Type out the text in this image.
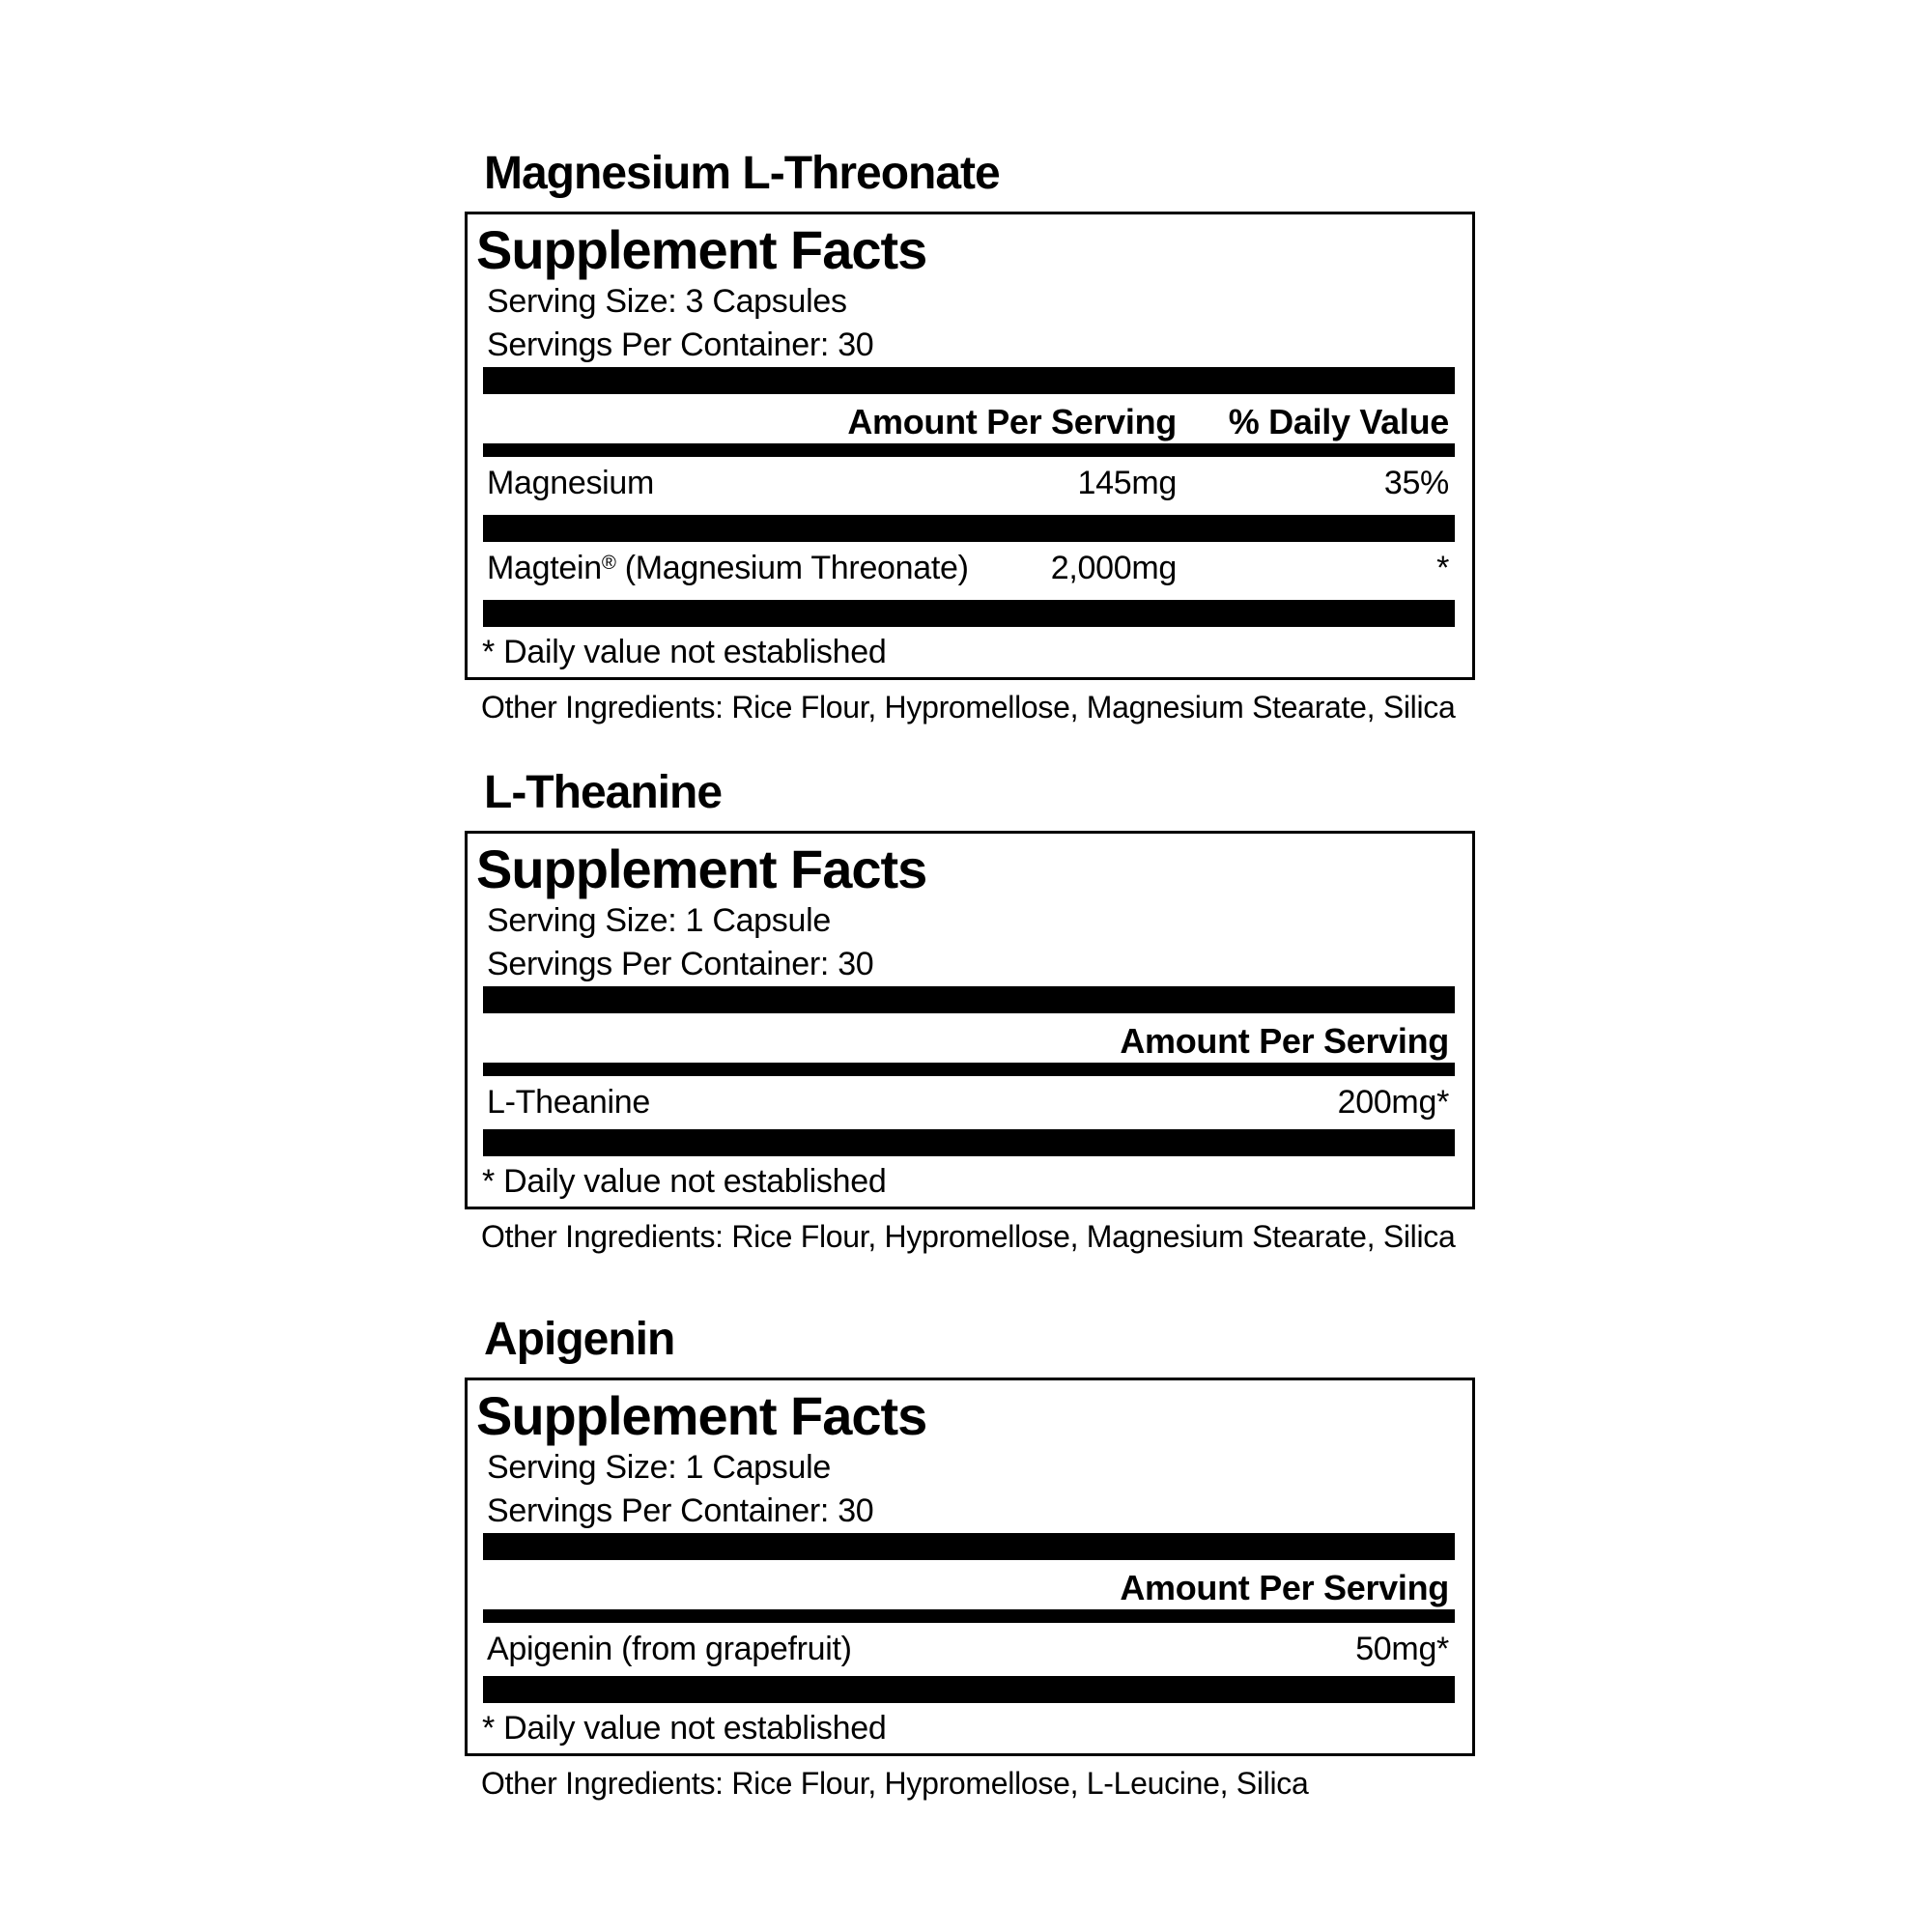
Magnesium L-Threonate
Supplement Facts
Serving Size: 3 Capsules
Servings Per Container: 30
Amount Per Serving	% Daily Value
Magnesium	145mg	35%
Magtein® (Magnesium Threonate)	2,000mg	*
* Daily value not established
Other Ingredients: Rice Flour, Hypromellose, Magnesium Stearate, Silica
L-Theanine
Supplement Facts
Serving Size: 1 Capsule
Servings Per Container: 30
Amount Per Serving
L-Theanine	200mg*
* Daily value not established
Other Ingredients: Rice Flour, Hypromellose, Magnesium Stearate, Silica
Apigenin
Supplement Facts
Serving Size: 1 Capsule
Servings Per Container: 30
Amount Per Serving
Apigenin (from grapefruit)	50mg*
* Daily value not established
Other Ingredients: Rice Flour, Hypromellose, L-Leucine, Silica
